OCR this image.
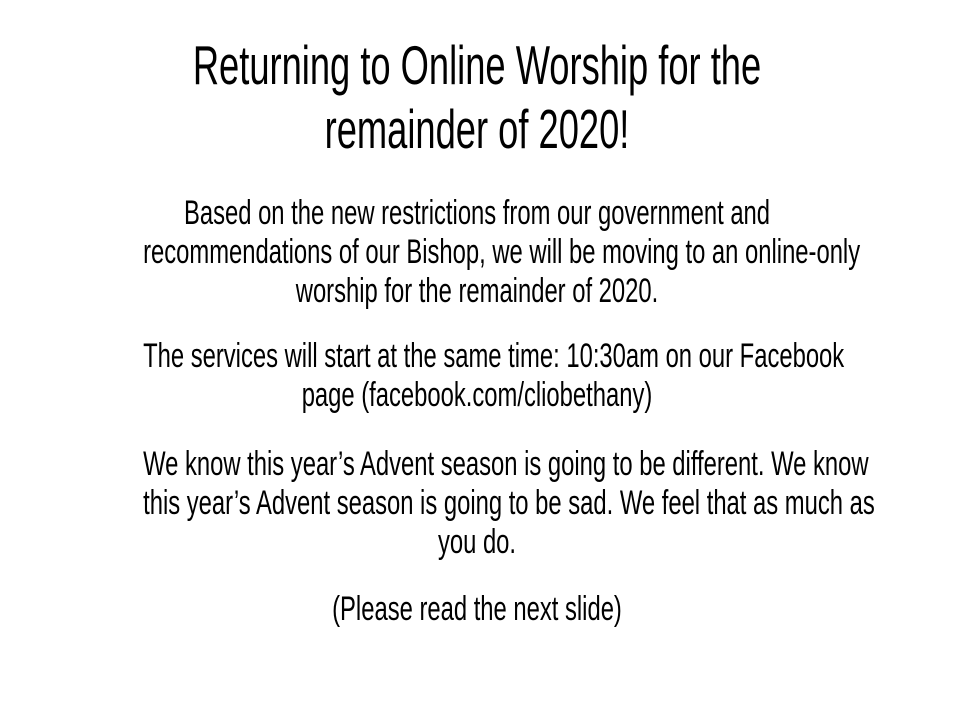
Returning to Online Worship for the
remainder of 2020!

Based on the new restrictions from our government and
recommendations of our Bishop, we will be moving to an online-only
worship for the remainder of 2020.

The services will start at the same time: 10:30am on our Facebook
page (facebook.com/cliobethany)

We know this year’s Advent season is going to be different. We know
this year’s Advent season is going to be sad. We feel that as much as
you do.

(Please read the next slide)
